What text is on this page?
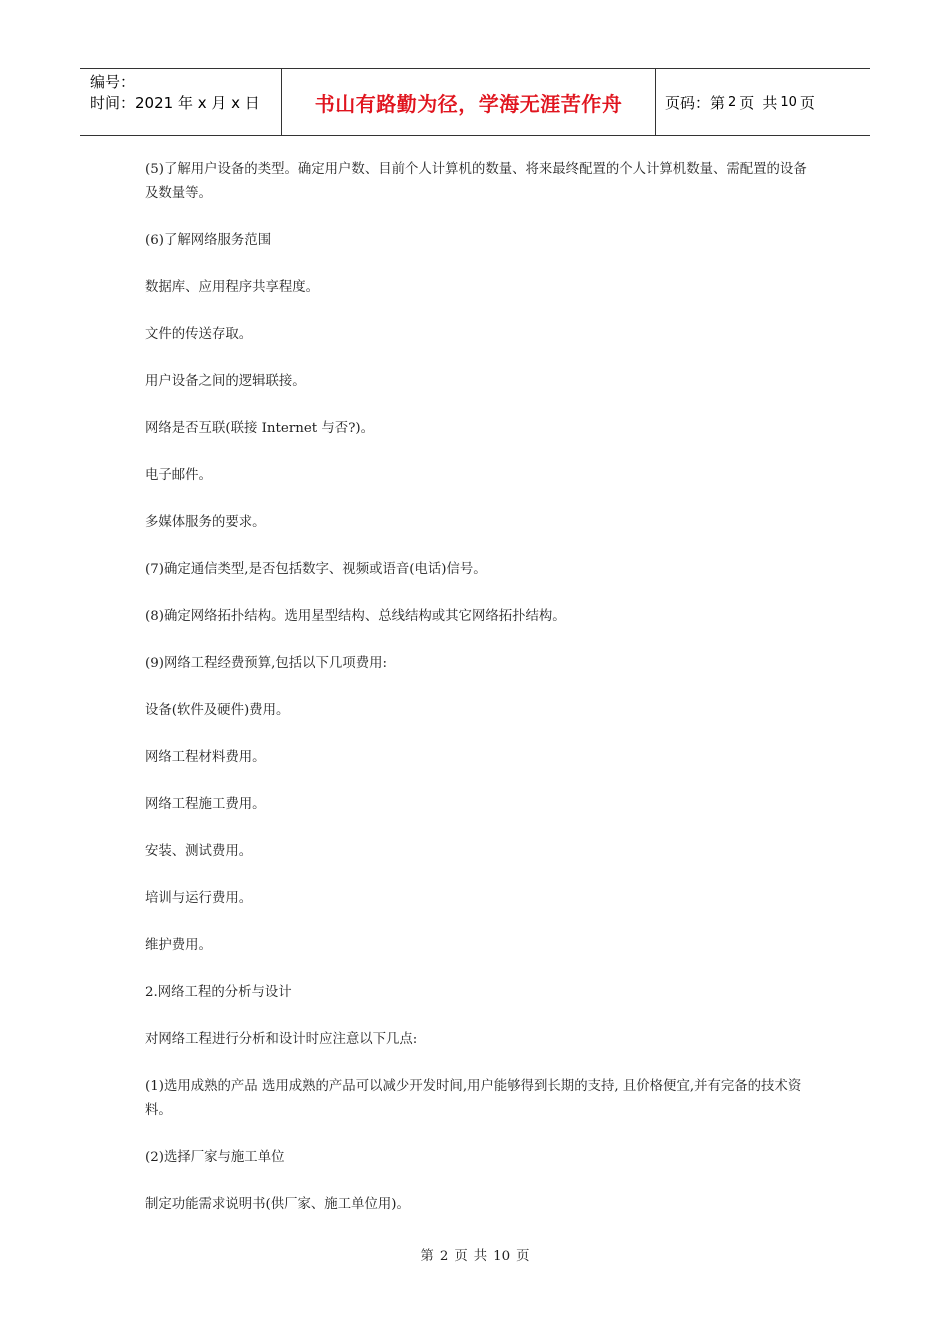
编号：
时间：2021 年 x 月 x 日	书山有路勤为径，学海无涯苦作舟	页码：第 2 页 共 10 页

(5)了解用户设备的类型。确定用户数、目前个人计算机的数量、将来最终配置的个人计算机数量、需配置的设备及数量等。

(6)了解网络服务范围

数据库、应用程序共享程度。

文件的传送存取。

用户设备之间的逻辑联接。

网络是否互联(联接 Internet 与否?)。

电子邮件。

多媒体服务的要求。

(7)确定通信类型,是否包括数字、视频或语音(电话)信号。

(8)确定网络拓扑结构。选用星型结构、总线结构或其它网络拓扑结构。

(9)网络工程经费预算,包括以下几项费用:

设备(软件及硬件)费用。

网络工程材料费用。

网络工程施工费用。

安装、测试费用。

培训与运行费用。

维护费用。

2.网络工程的分析与设计

对网络工程进行分析和设计时应注意以下几点:

(1)选用成熟的产品 选用成熟的产品可以减少开发时间,用户能够得到长期的支持, 且价格便宜,并有完备的技术资料。

(2)选择厂家与施工单位

制定功能需求说明书(供厂家、施工单位用)。

第 2 页 共 10 页
